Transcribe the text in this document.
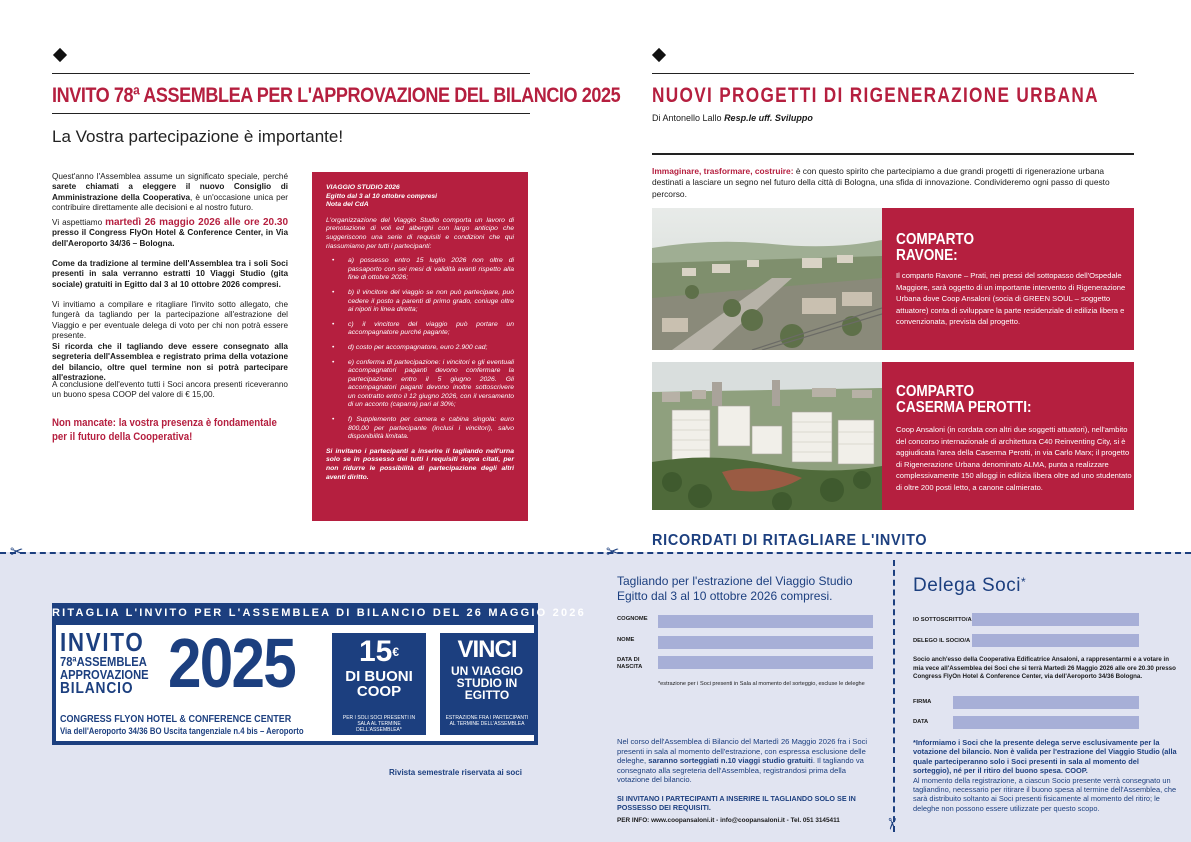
INVITO 78ª ASSEMBLEA PER L'APPROVAZIONE DEL BILANCIO 2025
La Vostra partecipazione è importante!
Quest'anno l'Assemblea assume un significato speciale, perché sarete chiamati a eleggere il nuovo Consiglio di Amministrazione della Cooperativa, è un'occasione unica per contribuire direttamente alle decisioni e al nostro futuro.
Vi aspettiamo martedì 26 maggio 2026 alle ore 20.30 presso il Congress FlyOn Hotel & Conference Center, in Via dell'Aeroporto 34/36 – Bologna.
Come da tradizione al termine dell'Assemblea tra i soli Soci presenti in sala verranno estratti 10 Viaggi Studio (gita sociale) gratuiti in Egitto dal 3 al 10 ottobre 2026 compresi.
Vi invitiamo a compilare e ritagliare l'invito sotto allegato, che fungerà da tagliando per la partecipazione all'estrazione del Viaggio e per eventuale delega di voto per chi non potrà essere presente.
Si ricorda che il tagliando deve essere consegnato alla segreteria dell'Assemblea e registrato prima della votazione del bilancio, oltre quel termine non si potrà partecipare all'estrazione.
A conclusione dell'evento tutti i Soci ancora presenti riceveranno un buono spesa COOP del valore di € 15,00.
Non mancate: la vostra presenza è fondamentale per il futuro della Cooperativa!
VIAGGIO STUDIO 2026
Egitto dal 3 al 10 ottobre compresi
Nota del CdA

L'organizzazione del Viaggio Studio comporta un lavoro di prenotazione di voli ed alberghi con largo anticipo che suggeriscono una serie di requisiti e condizioni che qui riassumiamo per tutti i partecipanti:

•	a) possesso entro 15 luglio 2026 non oltre di passaporto con sei mesi di validità avanti rispetto alla fine di ottobre 2026;
•	b) il vincitore del viaggio se non può partecipare, può cedere il posto a parenti di primo grado, coniuge oltre ai nipoti in linea diretta;
•	c) il vincitore del viaggio può portare un accompagnatore purché pagante;
•	d) costo per accompagnatore, euro 2.900 cad;
•	e) conferma di partecipazione: i vincitori e gli eventuali accompagnatori paganti devono confermare la partecipazione entro il 5 giugno 2026. Gli accompagnatori paganti devono inoltre sottoscrivere un contratto entro il 12 giugno 2026, con il versamento di un acconto (caparra) pari al 30%;
•	f) Supplemento per camera e cabina singola: euro 800,00 per partecipante (inclusi i vincitori), salvo disponibilità limitata.
Si invitano i partecipanti a inserire il tagliando nell'urna solo se in possesso dei tutti i requisiti sopra citati, per non ridurre le possibilità di partecipazione degli altri aventi diritto.
NUOVI PROGETTI DI RIGENERAZIONE URBANA
Di Antonello Lallo Resp.le uff. Sviluppo
Immaginare, trasformare, costruire: è con questo spirito che partecipiamo a due grandi progetti di rigenerazione urbana destinati a lasciare un segno nel futuro della città di Bologna, una sfida di innovazione. Condivideremo ogni passo di questo percorso.
COMPARTO
RAVONE:
Il comparto Ravone – Prati, nei pressi del sottopasso dell'Ospedale Maggiore, sarà oggetto di un importante intervento di Rigenerazione Urbana dove Coop Ansaloni (socia di GREEN SOUL – soggetto attuatore) conta di sviluppare la parte residenziale di edilizia libera e convenzionata, prevista dal progetto.
COMPARTO
CASERMA PEROTTI:
Coop Ansaloni (in cordata con altri due soggetti attuatori), nell'ambito del concorso internazionale di architettura C40 Reinventing City, si è aggiudicata l'area della Caserma Perotti, in via Carlo Marx; il progetto di Rigenerazione Urbana denominato ALMA, punta a realizzare complessivamente 150 alloggi in edilizia libera oltre ad uno studentato di oltre 200 posti letto, a canone calmierato.
RICORDATI DI RITAGLIARE L'INVITO
✂	✂
✂
RITAGLIA L'INVITO PER L'ASSEMBLEA DI BILANCIO DEL 26 MAGGIO 2026
INVITO
78ªASSEMBLEA
APPROVAZIONE
BILANCIO 2025
CONGRESS FLYON HOTEL & CONFERENCE CENTER
Via dell'Aeroporto 34/36 BO Uscita tangenziale n.4 bis – Aeroporto
15€
DI BUONI
COOP
PER I SOLI SOCI PRESENTI IN SALA AL TERMINE DELL'ASSEMBLEA*
VINCI
UN VIAGGIO
STUDIO IN
EGITTO
ESTRAZIONE FRA I PARTECIPANTI AL TERMINE DELL'ASSEMBLEA
Rivista semestrale riservata ai soci
Tagliando per l'estrazione del Viaggio Studio Egitto dal 3 al 10 ottobre 2026 compresi.
COGNOME
NOME
DATA DI NASCITA
*estrazione per i Soci presenti in Sala al momento del sorteggio, escluse le deleghe
Nel corso dell'Assemblea di Bilancio del Martedì 26 Maggio 2026 fra i Soci presenti in sala al momento dell'estrazione, con espressa esclusione delle deleghe, saranno sorteggiati n.10 viaggi studio gratuiti. Il tagliando va consegnato alla segreteria dell'Assemblea, registrandosi prima della votazione del bilancio.
SI INVITANO I PARTECIPANTI A INSERIRE IL TAGLIANDO SOLO SE IN POSSESSO DEI REQUISITI.
PER INFO: www.coopansaloni.it - info@coopansaloni.it - Tel. 051 3145411
Delega Soci*
IO SOTTOSCRITTO/A
DELEGO IL SOCIO/A
Socio anch'esso della Cooperativa Edificatrice Ansaloni, a rappresentarmi e a votare in mia vece all'Assemblea dei Soci che si terrà Martedì 26 Maggio 2026 alle ore 20.30 presso Congress FlyOn Hotel & Conference Center, via dell'Aeroporto 34/36 Bologna.
FIRMA
DATA

*Informiamo i Soci che la presente delega serve esclusivamente per la votazione del bilancio. Non è valida per l'estrazione del Viaggio Studio (alla quale parteciperanno solo i Soci presenti in sala al momento del sorteggio), né per il ritiro del buono spesa. COOP.

Al momento della registrazione, a ciascun Socio presente verrà consegnato un tagliandino, necessario per ritirare il buono spesa al termine dell'Assemblea, che sarà distribuito soltanto ai Soci presenti fisicamente al momento del ritiro; le deleghe non possono essere utilizzate per questo scopo.
